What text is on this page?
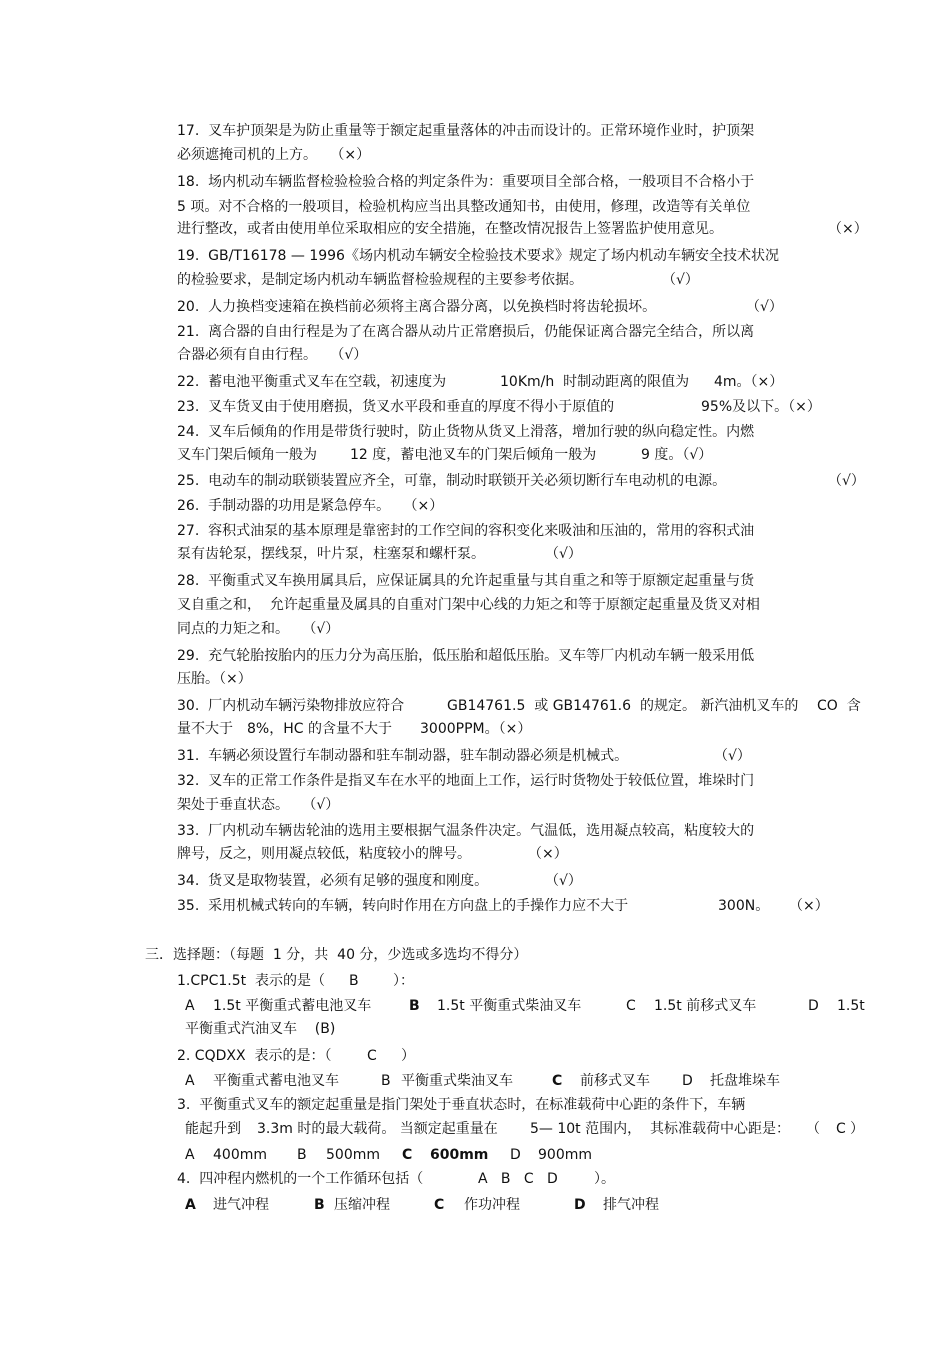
17.  叉车护顶架是为防止重量等于额定起重量落体的冲击而设计的。正常环境作业时，护顶架
必须遮掩司机的上方。   （×）
18.  场内机动车辆监督检验检验合格的判定条件为：重要项目全部合格，一般项目不合格小于
5 项。对不合格的一般项目，检验机构应当出具整改通知书，由使用，修理，改造等有关单位
进行整改，或者由使用单位采取相应的安全措施，在整改情况报告上签署监护使用意见。	（×）
19.  GB/T16178 — 1996《场内机动车辆安全检验技术要求》规定了场内机动车辆安全技术状况
的检验要求，是制定场内机动车辆监督检验规程的主要参考依据。	（√）
20.  人力换档变速箱在换档前必须将主离合器分离，以免换档时将齿轮损坏。	（√）
21.  离合器的自由行程是为了在离合器从动片正常磨损后，仍能保证离合器完全结合，所以离
合器必须有自由行程。   （√）
22.  蓄电池平衡重式叉车在空载，初速度为	10Km/h  时制动距离的限值为 4m。（×）
23.  叉车货叉由于使用磨损，货叉水平段和垂直的厚度不得小于原值的	95%及以下。（×）
24.  叉车后倾角的作用是带货行驶时，防止货物从货叉上滑落，增加行驶的纵向稳定性。内燃
叉车门架后倾角一般为 12 度，蓄电池叉车的门架后倾角一般为	9 度。（√）
25.  电动车的制动联锁装置应齐全，可靠，制动时联锁开关必须切断行车电动机的电源。	（√）
26.  手制动器的功用是紧急停车。   （×）
27.  容积式油泵的基本原理是靠密封的工作空间的容积变化来吸油和压油的，常用的容积式油
泵有齿轮泵，摆线泵，叶片泵，柱塞泵和螺杆泵。	（√）
28.  平衡重式叉车换用属具后，应保证属具的允许起重量与其自重之和等于原额定起重量与货
叉自重之和，  允许起重量及属具的自重对门架中心线的力矩之和等于原额定起重量及货叉对相
同点的力矩之和。   （√）
29.  充气轮胎按胎内的压力分为高压胎，低压胎和超低压胎。叉车等厂内机动车辆一般采用低
压胎。（×）
30.  厂内机动车辆污染物排放应符合	GB14761.5  或 GB14761.6  的规定。 新汽油机叉车的 CO  含
量不大于 8%，HC 的含量不大于 3000PPM。（×）
31.  车辆必须设置行车制动器和驻车制动器，驻车制动器必须是机械式。	（√）
32.  叉车的正常工作条件是指叉车在水平的地面上工作，运行时货物处于较低位置，堆垛时门
架处于垂直状态。   （√）
33.  厂内机动车辆齿轮油的选用主要根据气温条件决定。气温低，选用凝点较高，粘度较大的
牌号，反之，则用凝点较低，粘度较小的牌号。	（×）
34.  货叉是取物装置，必须有足够的强度和刚度。	（√）
35.  采用机械式转向的车辆，转向时作用在方向盘上的手操作力应不大于	300N。 （×）
三．选择题：（每题  1 分，共  40 分，少选或多选均不得分）
1.CPC1.5t  表示的是（ B ）：
A 1.5t 平衡重式蓄电池叉车	B 1.5t 平衡重式柴油叉车	C 1.5t 前移式叉车	D 1.5t
平衡重式汽油叉车    (B)
2. CQDXX  表示的是：（	C ）
A 平衡重式蓄电池叉车	B 平衡重式柴油叉车	C 前移式叉车 D 托盘堆垛车
3.  平衡重式叉车的额定起重量是指门架处于垂直状态时，在标准载荷中心距的条件下，车辆
能起升到 3.3m 时的最大载荷。 当额定起重量在 5— 10t 范围内，  其标准载荷中心距是： （ C ）
A 400mm B 500mm C 600mm D 900mm
4.  四冲程内燃机的一个工作循环包括（	A   B   C   D	）。
A 进气冲程	B 压缩冲程	C 作功冲程	D 排气冲程
